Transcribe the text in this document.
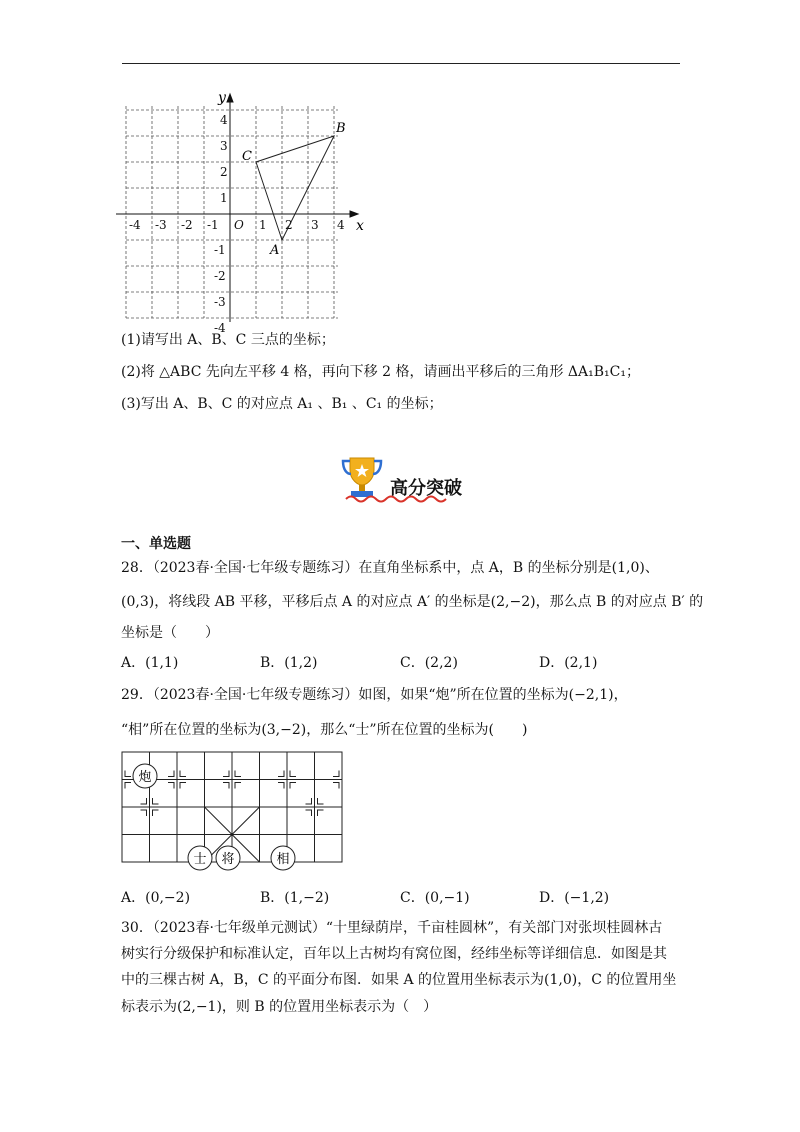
-4 -3 -2 -1 O 1 2 3 4
4
3
2
1
-1
-2
-3
-4
A
B
C
x
y
(1)请写出 A、B、C 三点的坐标；
(2)将 △ABC 先向左平移 4 格，再向下移 2 格，请画出平移后的三角形 ΔA₁B₁C₁；
(3)写出 A、B、C 的对应点 A₁ 、B₁ 、C₁ 的坐标；
高分突破
一、单选题
28．（2023春·全国·七年级专题练习）在直角坐标系中，点 A，B 的坐标分别是(1,0)、
(0,3)，将线段 AB 平移，平移后点 A 的对应点 A′ 的坐标是(2,−2)，那么点 B 的对应点 B′ 的
坐标是（　　）
A．(1,1)	B．(1,2)	C．(2,2)	D．(2,1)
29．（2023春·全国·七年级专题练习）如图，如果“炮”所在位置的坐标为(−2,1)，
“相”所在位置的坐标为(3,−2)，那么“士”所在位置的坐标为(　　)
炮
士 将	相
A．(0,−2)	B．(1,−2)	C．(0,−1)	D．(−1,2)
30．（2023春·七年级单元测试）“十里绿荫岸，千亩桂圆林”，有关部门对张坝桂圆林古
树实行分级保护和标准认定，百年以上古树均有窝位图，经纬坐标等详细信息．如图是其
中的三棵古树 A，B，C 的平面分布图．如果 A 的位置用坐标表示为(1,0)，C 的位置用坐
标表示为(2,−1)，则 B 的位置用坐标表示为（　）
